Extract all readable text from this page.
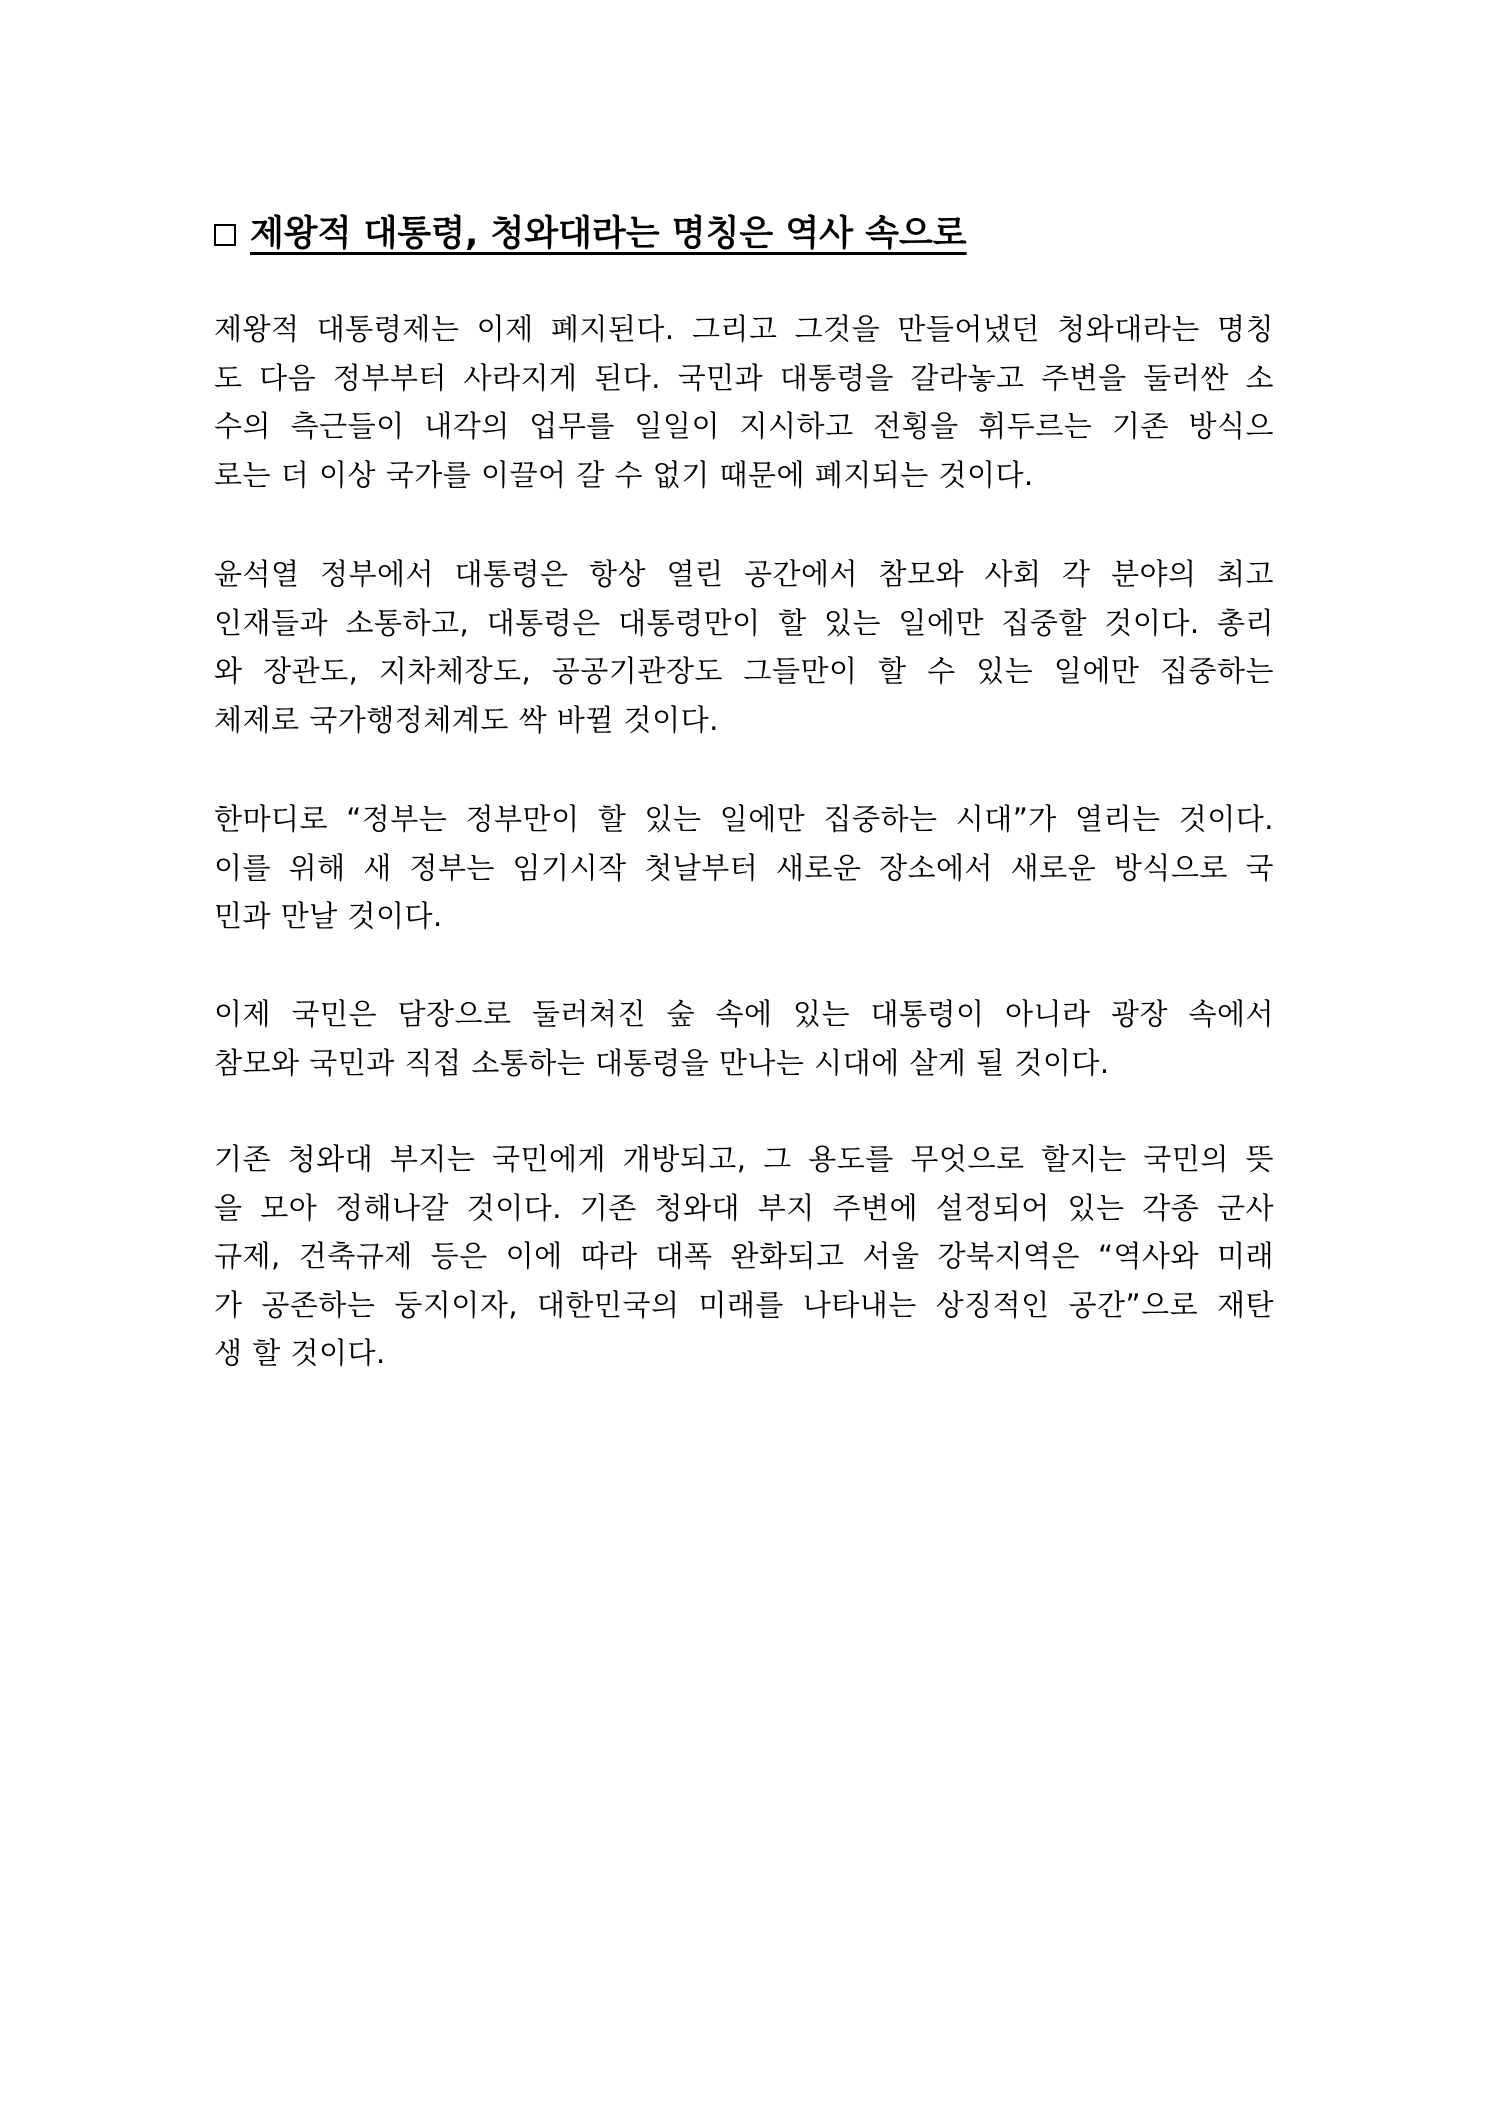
제왕적 대통령, 청와대라는 명칭은 역사 속으로

제왕적 대통령제는 이제 폐지된다. 그리고 그것을 만들어냈던 청와대라는 명칭
도 다음 정부부터 사라지게 된다. 국민과 대통령을 갈라놓고 주변을 둘러싼 소
수의 측근들이 내각의 업무를 일일이 지시하고 전횡을 휘두르는 기존 방식으
로는 더 이상 국가를 이끌어 갈 수 없기 때문에 폐지되는 것이다.

윤석열 정부에서 대통령은 항상 열린 공간에서 참모와 사회 각 분야의 최고
인재들과 소통하고, 대통령은 대통령만이 할 있는 일에만 집중할 것이다. 총리
와 장관도, 지차체장도, 공공기관장도 그들만이 할 수 있는 일에만 집중하는
체제로 국가행정체계도 싹 바뀔 것이다.

한마디로 “정부는 정부만이 할 있는 일에만 집중하는 시대”가 열리는 것이다.
이를 위해 새 정부는 임기시작 첫날부터 새로운 장소에서 새로운 방식으로 국
민과 만날 것이다.

이제 국민은 담장으로 둘러쳐진 숲 속에 있는 대통령이 아니라 광장 속에서
참모와 국민과 직접 소통하는 대통령을 만나는 시대에 살게 될 것이다.

기존 청와대 부지는 국민에게 개방되고, 그 용도를 무엇으로 할지는 국민의 뜻
을 모아 정해나갈 것이다. 기존 청와대 부지 주변에 설정되어 있는 각종 군사
규제, 건축규제 등은 이에 따라 대폭 완화되고 서울 강북지역은 “역사와 미래
가 공존하는 둥지이자, 대한민국의 미래를 나타내는 상징적인 공간”으로 재탄
생 할 것이다.
